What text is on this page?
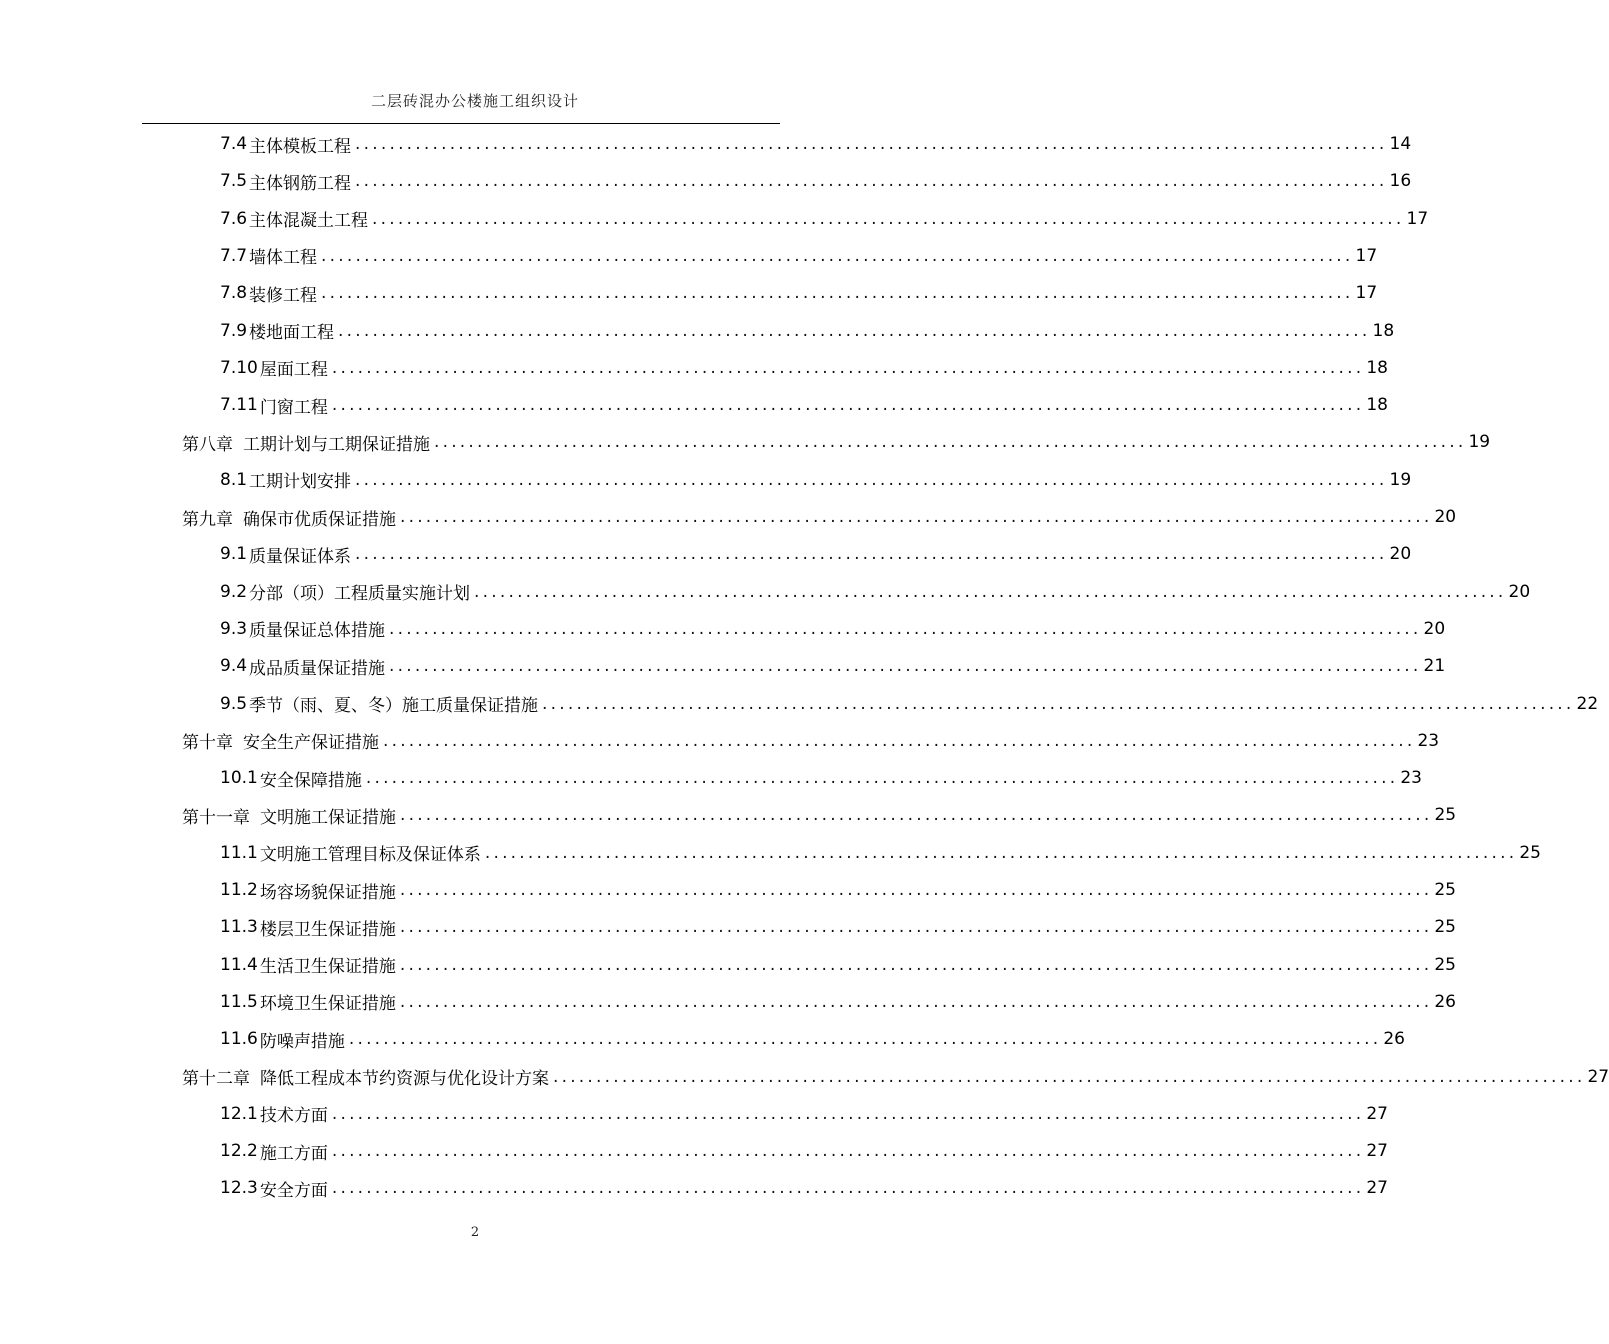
二层砖混办公楼施工组织设计
7.4 主体模板工程 ........................................................................................................................ 14
7.5 主体钢筋工程 ........................................................................................................................ 16
7.6 主体混凝土工程 ........................................................................................................................ 17
7.7 墙体工程 ........................................................................................................................ 17
7.8 装修工程 ........................................................................................................................ 17
7.9 楼地面工程 ........................................................................................................................ 18
7.10 屋面工程 ........................................................................................................................ 18
7.11 门窗工程 ........................................................................................................................ 18
第八章 工期计划与工期保证措施 ........................................................................................................................ 19
8.1 工期计划安排 ........................................................................................................................ 19
第九章 确保市优质保证措施 ........................................................................................................................ 20
9.1 质量保证体系 ........................................................................................................................ 20
9.2 分部（项）工程质量实施计划 ........................................................................................................................ 20
9.3 质量保证总体措施 ........................................................................................................................ 20
9.4 成品质量保证措施 ........................................................................................................................ 21
9.5 季节（雨、夏、冬）施工质量保证措施 ........................................................................................................................ 22
第十章 安全生产保证措施 ........................................................................................................................ 23
10.1 安全保障措施 ........................................................................................................................ 23
第十一章 文明施工保证措施 ........................................................................................................................ 25
11.1 文明施工管理目标及保证体系 ........................................................................................................................ 25
11.2 场容场貌保证措施 ........................................................................................................................ 25
11.3 楼层卫生保证措施 ........................................................................................................................ 25
11.4 生活卫生保证措施 ........................................................................................................................ 25
11.5 环境卫生保证措施 ........................................................................................................................ 26
11.6 防噪声措施 ........................................................................................................................ 26
第十二章 降低工程成本节约资源与优化设计方案 ........................................................................................................................ 27
12.1 技术方面 ........................................................................................................................ 27
12.2 施工方面 ........................................................................................................................ 27
12.3 安全方面 ........................................................................................................................ 27
2
